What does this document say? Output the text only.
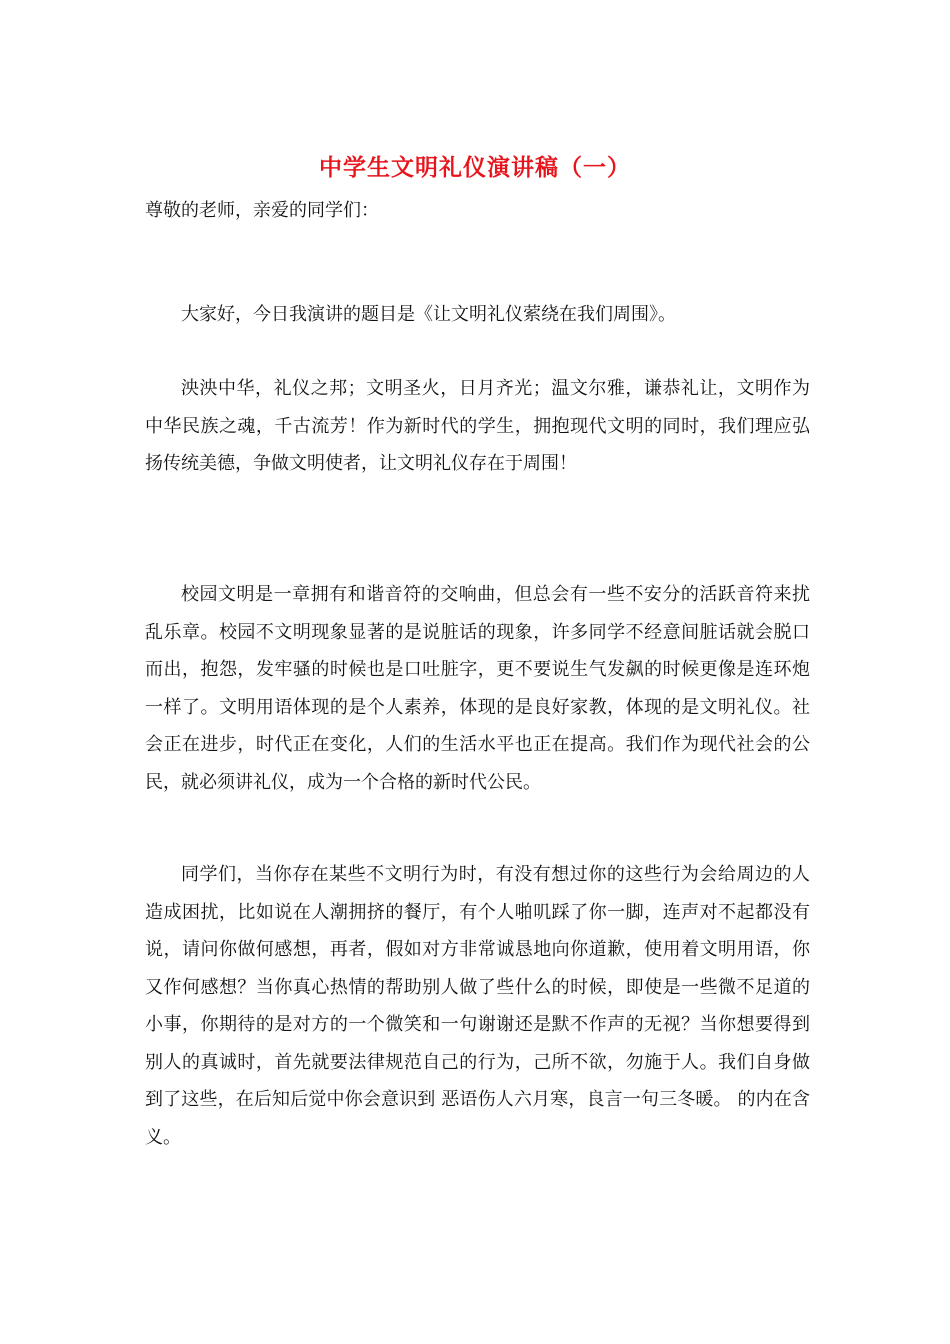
中学生文明礼仪演讲稿（一）
尊敬的老师，亲爱的同学们：

大家好，今日我演讲的题目是《让文明礼仪萦绕在我们周围》。

泱泱中华，礼仪之邦；文明圣火，日月齐光；温文尔雅，谦恭礼让，文明作为中华民族之魂，千古流芳！作为新时代的学生，拥抱现代文明的同时，我们理应弘扬传统美德，争做文明使者，让文明礼仪存在于周围！

校园文明是一章拥有和谐音符的交响曲，但总会有一些不安分的活跃音符来扰乱乐章。校园不文明现象显著的是说脏话的现象，许多同学不经意间脏话就会脱口而出，抱怨，发牢骚的时候也是口吐脏字，更不要说生气发飙的时候更像是连环炮一样了。文明用语体现的是个人素养，体现的是良好家教，体现的是文明礼仪。社会正在进步，时代正在变化，人们的生活水平也正在提高。我们作为现代社会的公民，就必须讲礼仪，成为一个合格的新时代公民。

同学们，当你存在某些不文明行为时，有没有想过你的这些行为会给周边的人造成困扰，比如说在人潮拥挤的餐厅，有个人啪叽踩了你一脚，连声对不起都没有说，请问你做何感想，再者，假如对方非常诚恳地向你道歉，使用着文明用语，你又作何感想？当你真心热情的帮助别人做了些什么的时候，即使是一些微不足道的小事，你期待的是对方的一个微笑和一句谢谢还是默不作声的无视？当你想要得到别人的真诚时，首先就要法律规范自己的行为，己所不欲，勿施于人。我们自身做到了这些，在后知后觉中你会意识到 恶语伤人六月寒，良言一句三冬暖。 的内在含义。
